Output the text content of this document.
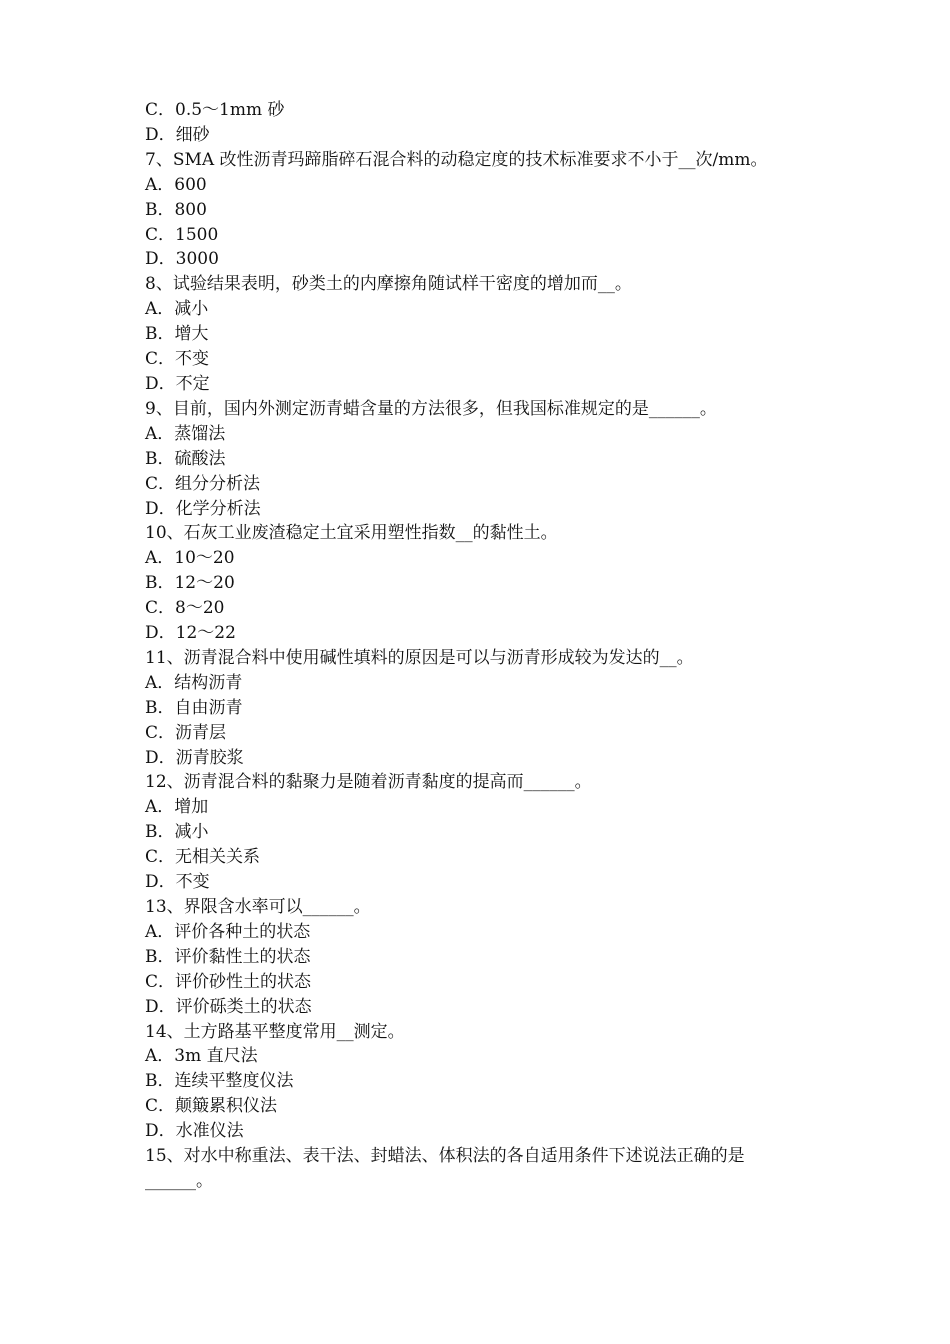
C．0.5～1mm 砂

D．细砂

7、SMA 改性沥青玛蹄脂碎石混合料的动稳定度的技术标准要求不小于__次/mm。

A．600

B．800

C．1500

D．3000

8、试验结果表明，砂类土的内摩擦角随试样干密度的增加而__。

A．减小

B．增大

C．不变

D．不定

9、目前，国内外测定沥青蜡含量的方法很多，但我国标准规定的是______。

A．蒸馏法

B．硫酸法

C．组分分析法

D．化学分析法

10、石灰工业废渣稳定土宜采用塑性指数__的黏性土。

A．10～20

B．12～20

C．8～20

D．12～22

11、沥青混合料中使用碱性填料的原因是可以与沥青形成较为发达的__。

A．结构沥青

B．自由沥青

C．沥青层

D．沥青胶浆

12、沥青混合料的黏聚力是随着沥青黏度的提高而______。

A．增加

B．减小

C．无相关关系

D．不变

13、界限含水率可以______。

A．评价各种土的状态

B．评价黏性土的状态

C．评价砂性土的状态

D．评价砾类土的状态

14、土方路基平整度常用__测定。

A．3m 直尺法

B．连续平整度仪法

C．颠簸累积仪法

D．水准仪法

15、对水中称重法、表干法、封蜡法、体积法的各自适用条件下述说法正确的是

______。
